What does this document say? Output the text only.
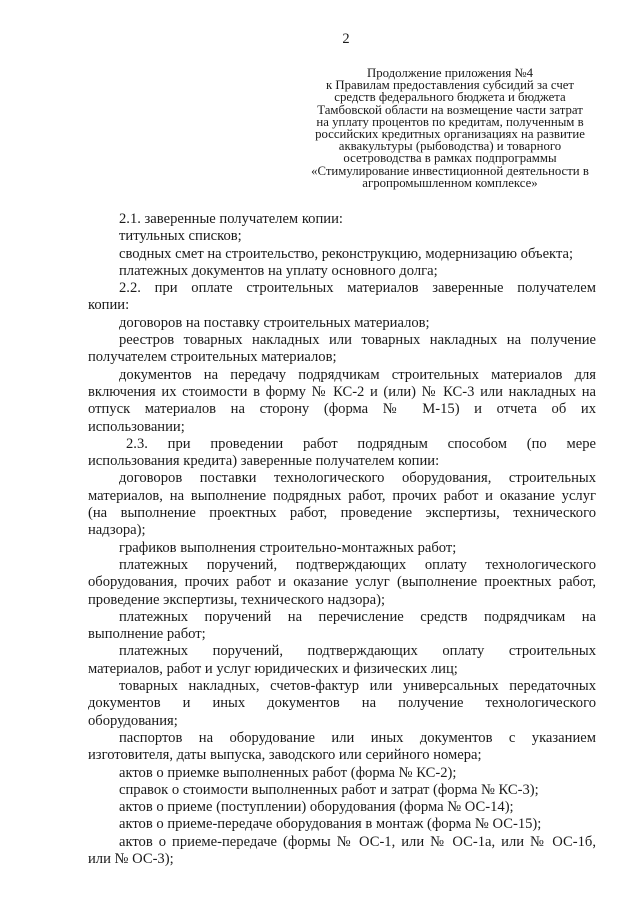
2
Продолжение приложения №4
к Правилам предоставления субсидий за счет
средств федерального бюджета и бюджета
Тамбовской области на возмещение части затрат
на уплату процентов по кредитам, полученным в
российских кредитных организациях на развитие
аквакультуры (рыбоводства) и товарного
осетроводства в рамках подпрограммы
«Стимулирование инвестиционной деятельности в
агропромышленном комплексе»
2.1. заверенные получателем копии:
титульных списков;
сводных смет на строительство, реконструкцию, модернизацию объекта;
платежных документов на уплату основного долга;
2.2. при оплате строительных материалов заверенные получателем
копии:
договоров на поставку строительных материалов;
реестров товарных накладных или товарных накладных на получение
получателем строительных материалов;
документов на передачу подрядчикам строительных материалов для
включения их стоимости в форму № КС-2 и (или) № КС-3 или накладных на
отпуск материалов на сторону (форма № М-15) и отчета об их
использовании;
2.3. при проведении работ подрядным способом (по мере
использования кредита) заверенные получателем копии:
договоров поставки технологического оборудования, строительных
материалов, на выполнение подрядных работ, прочих работ и оказание услуг
(на выполнение проектных работ, проведение экспертизы, технического
надзора);
графиков выполнения строительно-монтажных работ;
платежных поручений, подтверждающих оплату технологического
оборудования, прочих работ и оказание услуг (выполнение проектных работ,
проведение экспертизы, технического надзора);
платежных поручений на перечисление средств подрядчикам на
выполнение работ;
платежных поручений, подтверждающих оплату строительных
материалов, работ и услуг юридических и физических лиц;
товарных накладных, счетов-фактур или универсальных передаточных
документов и иных документов на получение технологического
оборудования;
паспортов на оборудование или иных документов с указанием
изготовителя, даты выпуска, заводского или серийного номера;
актов о приемке выполненных работ (форма № КС-2);
справок о стоимости выполненных работ и затрат (форма № КС-3);
актов о приеме (поступлении) оборудования (форма № ОС-14);
актов о приеме-передаче оборудования в монтаж (форма № ОС-15);
актов о приеме-передаче (формы № ОС-1, или № ОС-1а, или № ОС-1б,
или № ОС-3);
